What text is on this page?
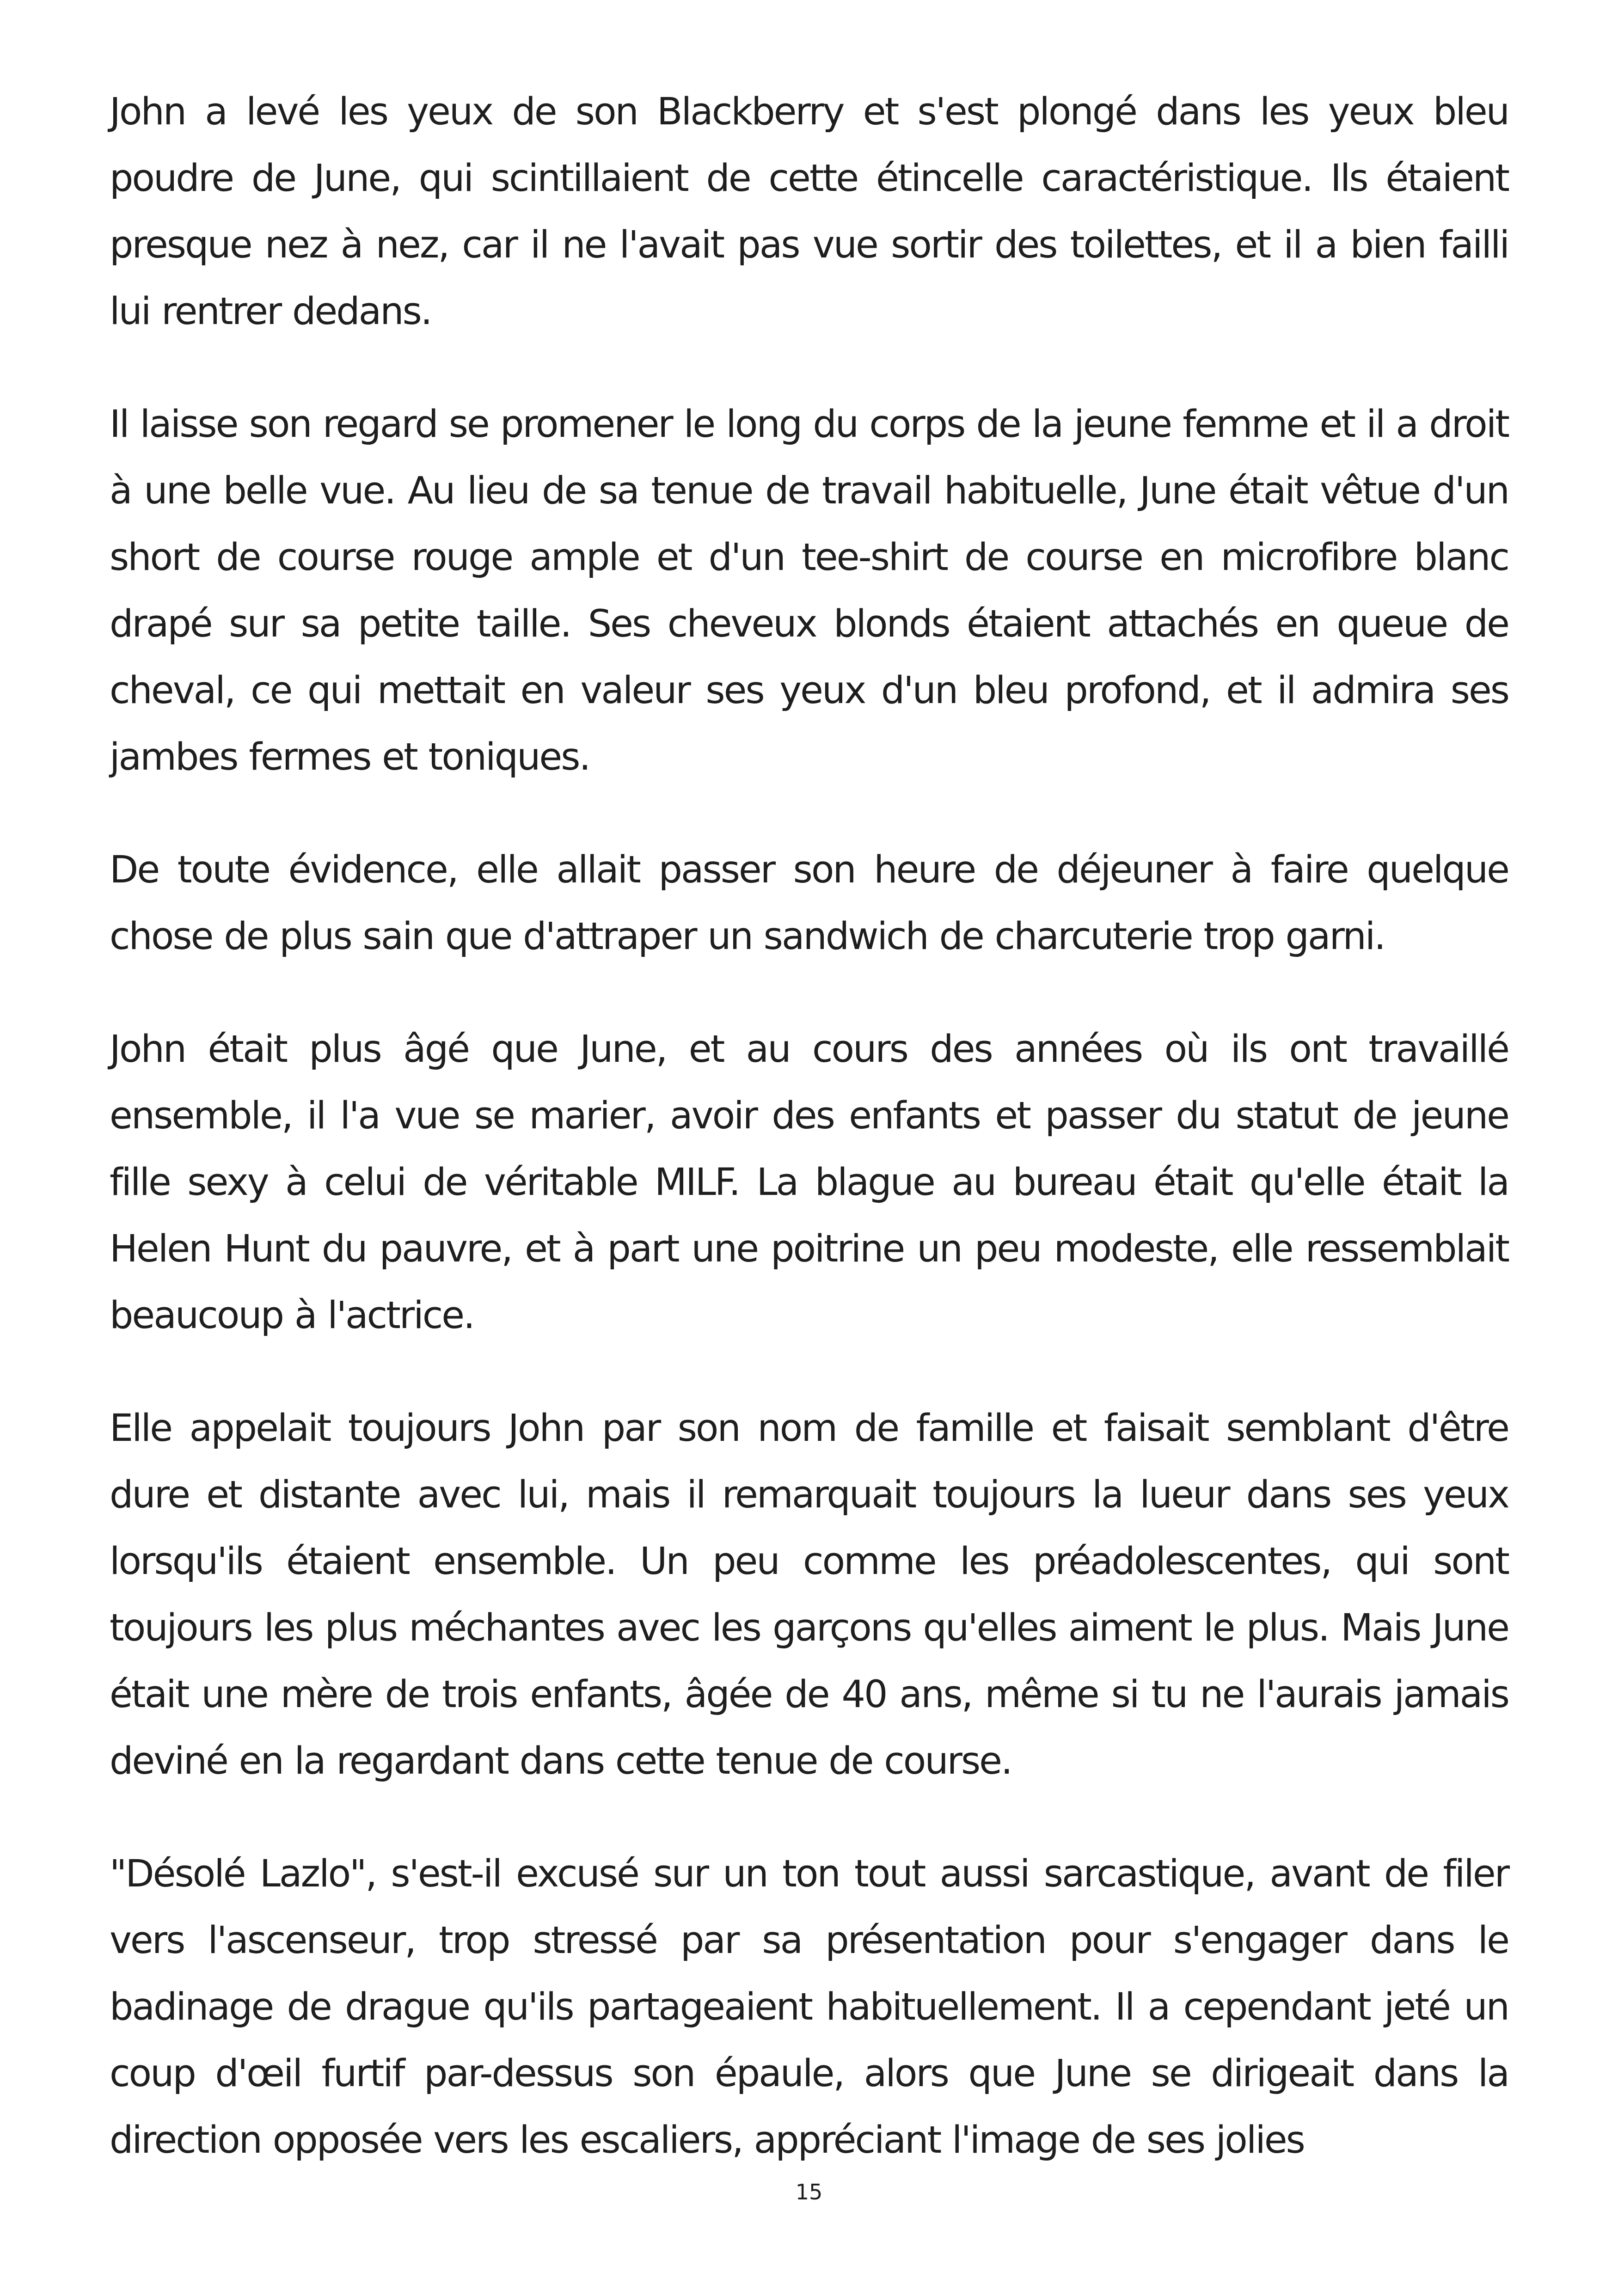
John a levé les yeux de son Blackberry et s'est plongé dans les yeux bleu poudre de June, qui scintillaient de cette étincelle caractéristique. Ils étaient presque nez à nez, car il ne l'avait pas vue sortir des toilettes, et il a bien failli lui rentrer dedans.

Il laisse son regard se promener le long du corps de la jeune femme et il a droit à une belle vue. Au lieu de sa tenue de travail habituelle, June était vêtue d'un short de course rouge ample et d'un tee-shirt de course en microfibre blanc drapé sur sa petite taille. Ses cheveux blonds étaient attachés en queue de cheval, ce qui mettait en valeur ses yeux d'un bleu profond, et il admira ses jambes fermes et toniques.

De toute évidence, elle allait passer son heure de déjeuner à faire quelque chose de plus sain que d'attraper un sandwich de charcuterie trop garni.

John était plus âgé que June, et au cours des années où ils ont travaillé ensemble, il l'a vue se marier, avoir des enfants et passer du statut de jeune fille sexy à celui de véritable MILF. La blague au bureau était qu'elle était la Helen Hunt du pauvre, et à part une poitrine un peu modeste, elle ressemblait beaucoup à l'actrice.

Elle appelait toujours John par son nom de famille et faisait semblant d'être dure et distante avec lui, mais il remarquait toujours la lueur dans ses yeux lorsqu'ils étaient ensemble. Un peu comme les préadolescentes, qui sont toujours les plus méchantes avec les garçons qu'elles aiment le plus. Mais June était une mère de trois enfants, âgée de 40 ans, même si tu ne l'aurais jamais deviné en la regardant dans cette tenue de course.

"Désolé Lazlo", s'est-il excusé sur un ton tout aussi sarcastique, avant de filer vers l'ascenseur, trop stressé par sa présentation pour s'engager dans le badinage de drague qu'ils partageaient habituellement. Il a cependant jeté un coup d'œil furtif par-dessus son épaule, alors que June se dirigeait dans la direction opposée vers les escaliers, appréciant l'image de ses jolies

15
